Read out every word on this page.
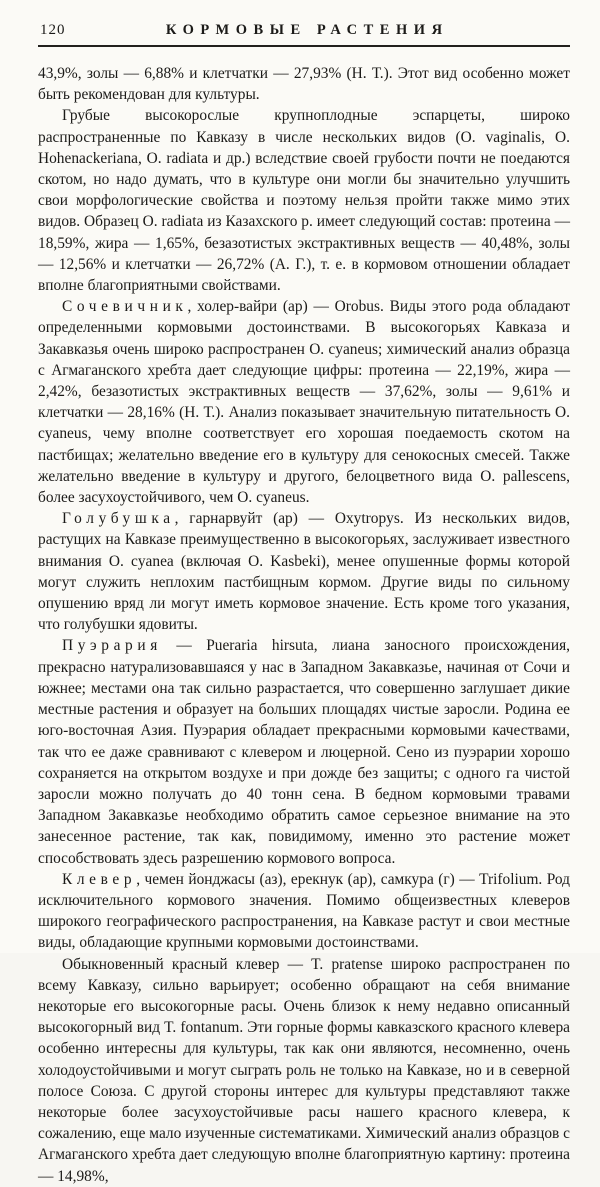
120	КОРМОВЫЕ РАСТЕНИЯ

43,9%, золы — 6,88% и клетчатки — 27,93% (Н. Т.). Этот вид особенно может быть рекомендован для культуры.

Грубые высокорослые крупноплодные эспарцеты, широко распространенные по Кавказу в числе нескольких видов (O. vaginalis, O. Hohenackeriana, O. radiata и др.) вследствие своей грубости почти не поедаются скотом, но надо думать, что в культуре они могли бы значительно улучшить свои морфологические свойства и поэтому нельзя пройти также мимо этих видов. Образец O. radiata из Казахского р. имеет следующий состав: протеина — 18,59%, жира — 1,65%, безазотистых экстрактивных веществ — 40,48%, золы — 12,56% и клетчатки — 26,72% (А. Г.), т. е. в кормовом отношении обладает вполне благоприятными свойствами.

Сочевичник, холер-вайри (ар) — Orobus. Виды этого рода обладают определенными кормовыми достоинствами. В высокогорьях Кавказа и Закавказья очень широко распространен O. cyaneus; химический анализ образца с Агмаганского хребта дает следующие цифры: протеина — 22,19%, жира — 2,42%, безазотистых экстрактивных веществ — 37,62%, золы — 9,61% и клетчатки — 28,16% (Н. Т.). Анализ показывает значительную питательность O. cyaneus, чему вполне соответствует его хорошая поедаемость скотом на пастбищах; желательно введение его в культуру для сенокосных смесей. Также желательно введение в культуру и другого, белоцветного вида O. pallescens, более засухоустойчивого, чем O. cyaneus.

Голубушка, гарнарвуйт (ар) — Oxytropys. Из нескольких видов, растущих на Кавказе преимущественно в высокогорьях, заслуживает известного внимания O. cyanea (включая O. Kasbeki), менее опушенные формы которой могут служить неплохим пастбищным кормом. Другие виды по сильному опушению вряд ли могут иметь кормовое значение. Есть кроме того указания, что голубушки ядовиты.

Пуэрария — Pueraria hirsuta, лиана заносного происхождения, прекрасно натурализовавшаяся у нас в Западном Закавказье, начиная от Сочи и южнее; местами она так сильно разрастается, что совершенно заглушает дикие местные растения и образует на больших площадях чистые заросли. Родина ее юго-восточная Азия. Пуэрария обладает прекрасными кормовыми качествами, так что ее даже сравнивают с клевером и люцерной. Сено из пуэрарии хорошо сохраняется на открытом воздухе и при дожде без защиты; с одного га чистой заросли можно получать до 40 тонн сена. В бедном кормовыми травами Западном Закавказье необходимо обратить самое серьезное внимание на это занесенное растение, так как, повидимому, именно это растение может способствовать здесь разрешению кормового вопроса.

Клевер, чемен йонджасы (аз), ерекнук (ар), самкура (г) — Trifolium. Род исключительного кормового значения. Помимо общеизвестных клеверов широкого географического распространения, на Кавказе растут и свои местные виды, обладающие крупными кормовыми достоинствами.

Обыкновенный красный клевер — T. pratense широко распространен по всему Кавказу, сильно варьирует; особенно обращают на себя внимание некоторые его высокогорные расы. Очень близок к нему недавно описанный высокогорный вид T. fontanum. Эти горные формы кавказского красного клевера особенно интересны для культуры, так как они являются, несомненно, очень холодоустойчивыми и могут сыграть роль не только на Кавказе, но и в северной полосе Союза. С другой стороны интерес для культуры представляют также некоторые более засухоустойчивые расы нашего красного клевера, к сожалению, еще мало изученные систематиками. Химический анализ образцов с Агмаганского хребта дает следующую вполне благоприятную картину: протеина — 14,98%,
